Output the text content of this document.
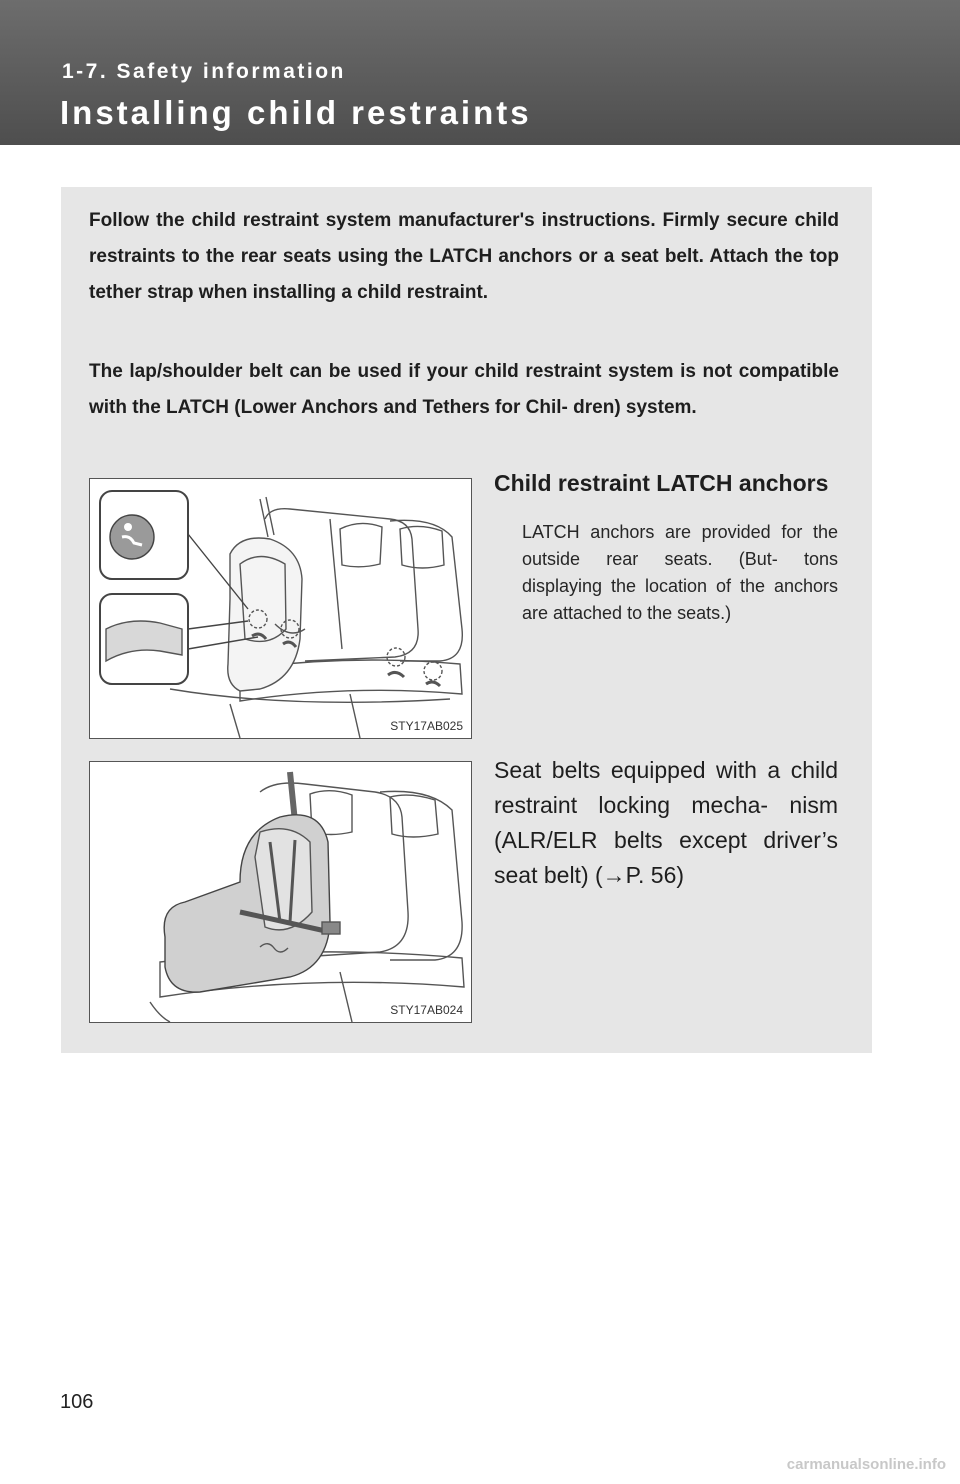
1-7. Safety information

Installing child restraints

Follow the child restraint system manufacturer's instructions. Firmly secure child restraints to the rear seats using the LATCH anchors or a seat belt. Attach the top tether strap when installing a child restraint.

The lap/shoulder belt can be used if your child restraint system is not compatible with the LATCH (Lower Anchors and Tethers for Chil- dren) system.

STY17AB025
Child restraint LATCH anchors

LATCH anchors are provided for the outside rear seats. (But- tons displaying the location of the anchors are attached to the seats.)

STY17AB024

Seat belts equipped with a child restraint locking mecha- nism (ALR/ELR belts except driver’s seat belt) (→P. 56)

106

carmanualsonline.info
